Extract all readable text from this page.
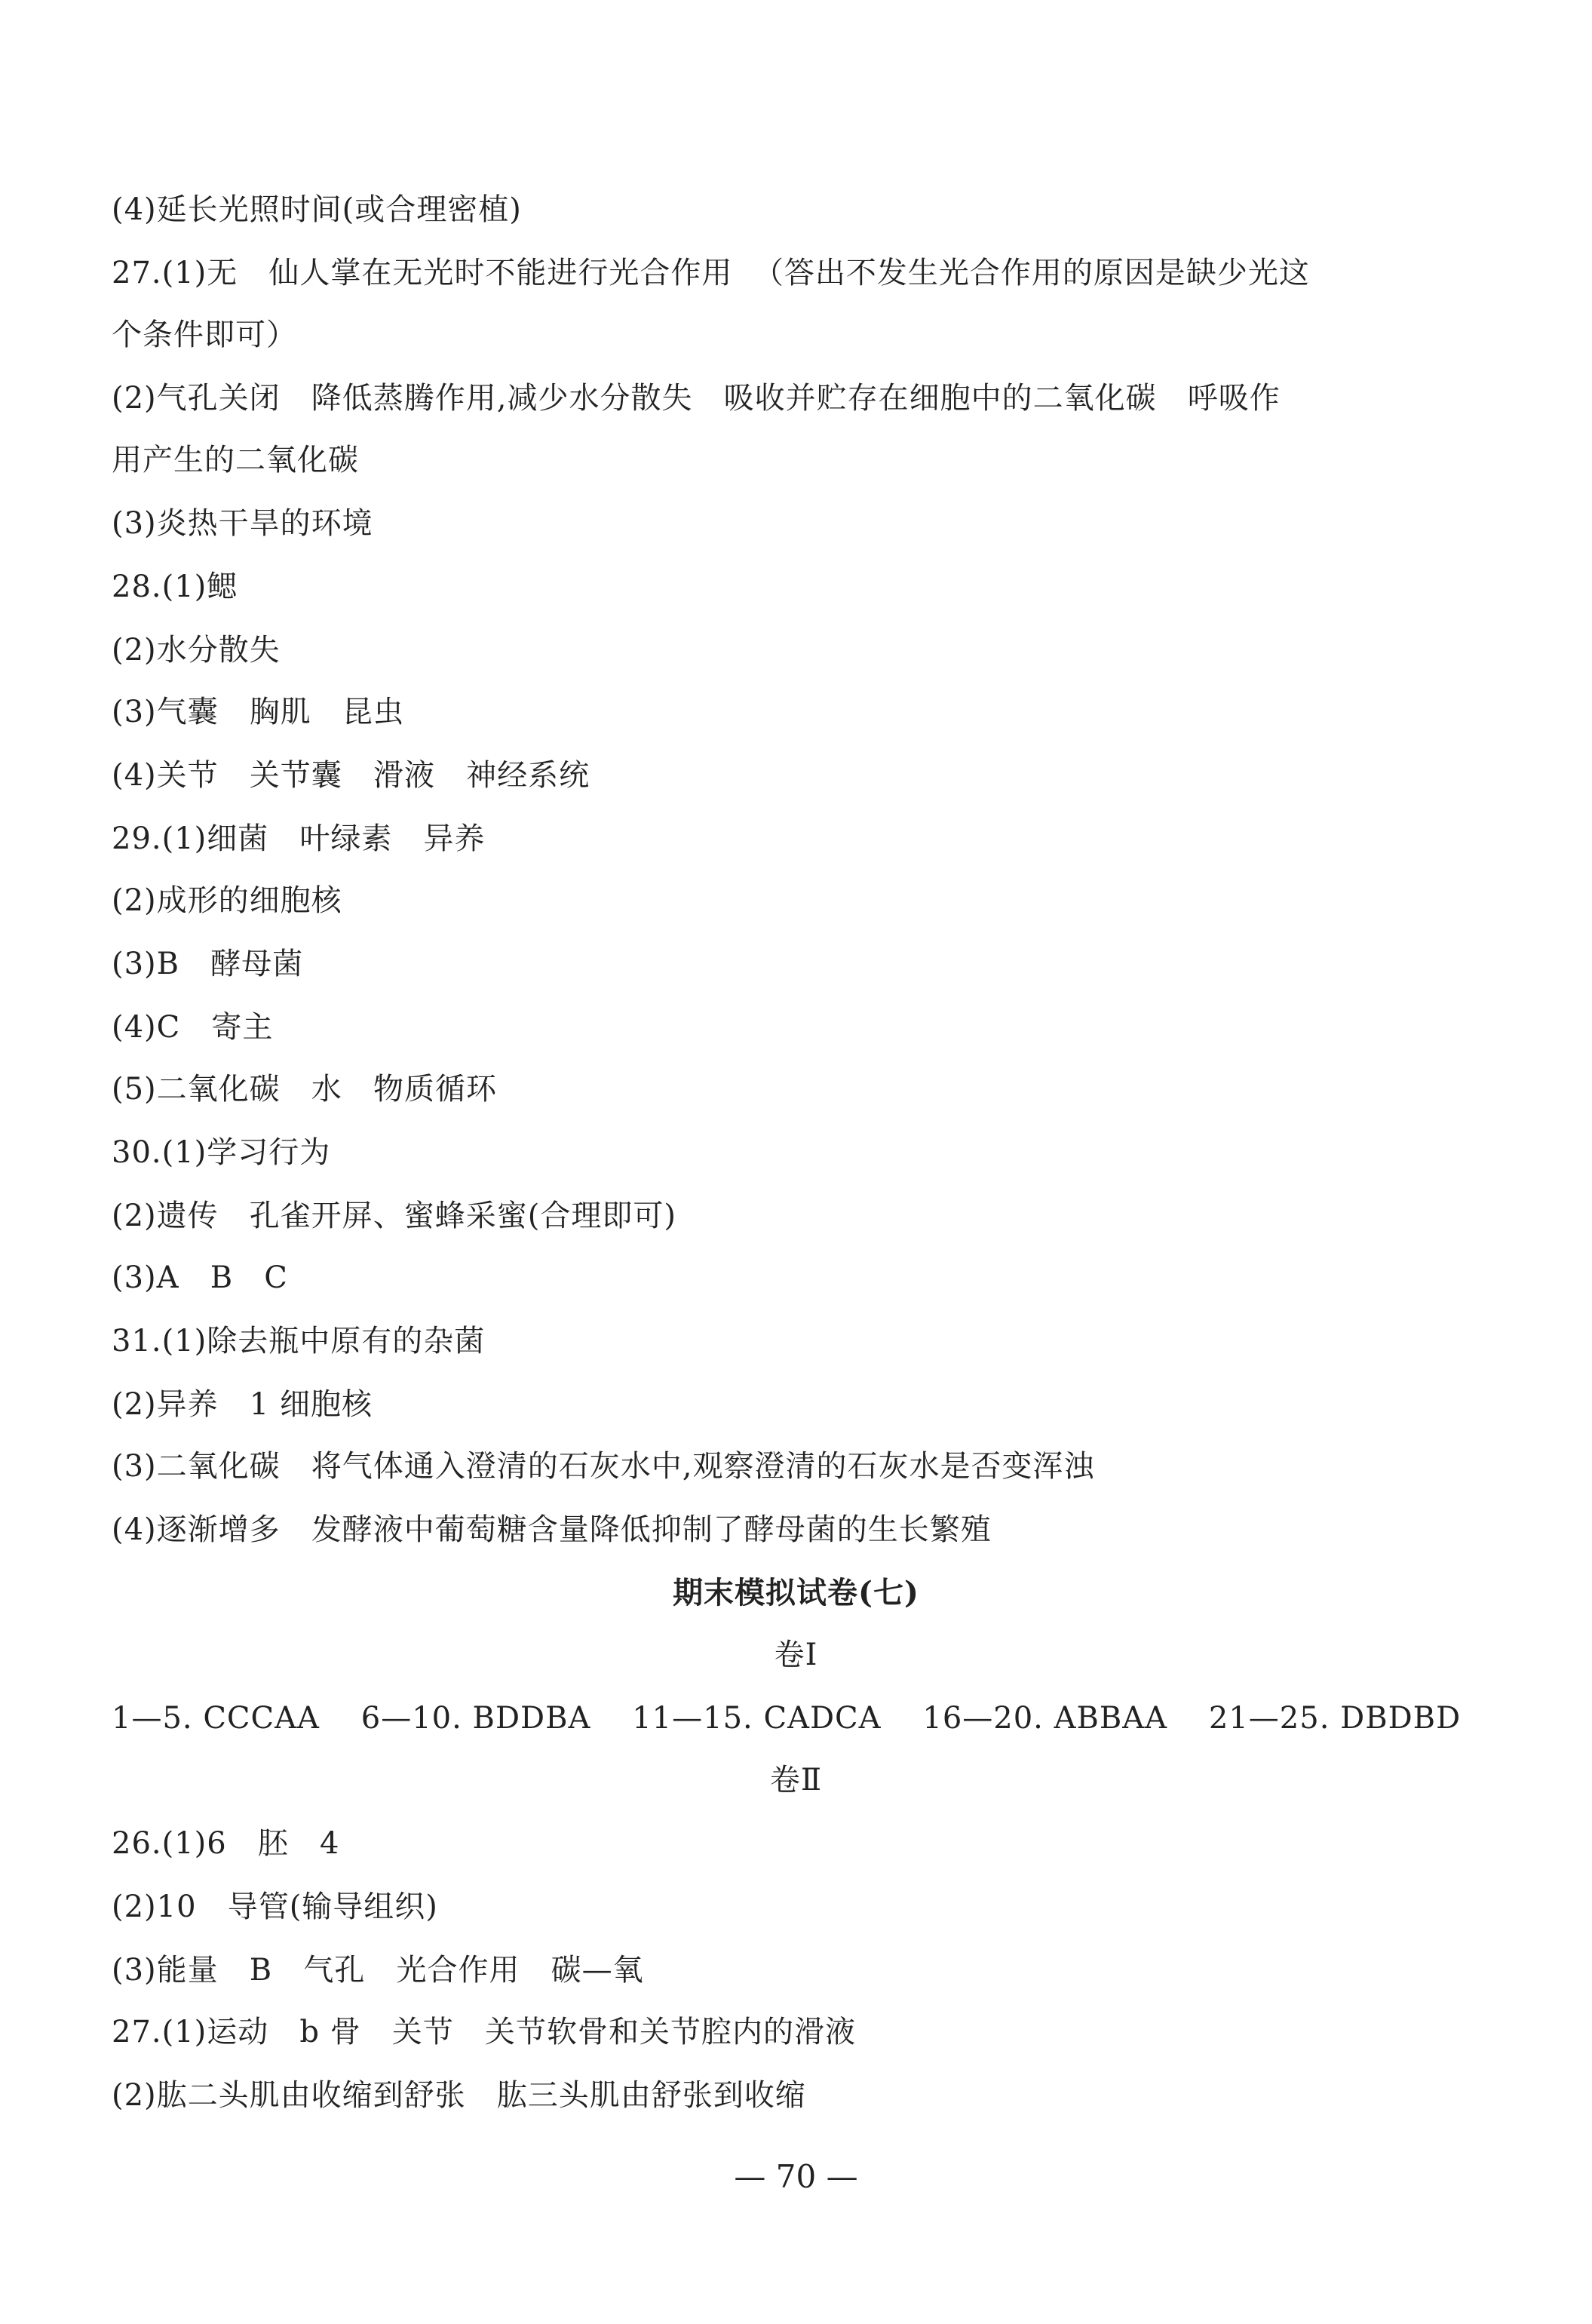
(4)延长光照时间(或合理密植)
27.(1)无   仙人掌在无光时不能进行光合作用  （答出不发生光合作用的原因是缺少光这
个条件即可）
(2)气孔关闭   降低蒸腾作用,减少水分散失   吸收并贮存在细胞中的二氧化碳   呼吸作
用产生的二氧化碳
(3)炎热干旱的环境
28.(1)鳃
(2)水分散失
(3)气囊   胸肌   昆虫
(4)关节   关节囊   滑液   神经系统
29.(1)细菌   叶绿素   异养
(2)成形的细胞核
(3)B   酵母菌
(4)C   寄主
(5)二氧化碳   水   物质循环
30.(1)学习行为
(2)遗传   孔雀开屏、蜜蜂采蜜(合理即可)
(3)A   B   C
31.(1)除去瓶中原有的杂菌
(2)异养   1 细胞核
(3)二氧化碳   将气体通入澄清的石灰水中,观察澄清的石灰水是否变浑浊
(4)逐渐增多   发酵液中葡萄糖含量降低抑制了酵母菌的生长繁殖
期末模拟试卷(七)
卷Ⅰ
1—5. CCCAA    6—10. BDDBA    11—15. CADCA    16—20. ABBAA    21—25. DBDBD
卷Ⅱ
26.(1)6   胚   4
(2)10   导管(输导组织)
(3)能量   B   气孔   光合作用   碳—氧
27.(1)运动   b 骨   关节   关节软骨和关节腔内的滑液
(2)肱二头肌由收缩到舒张   肱三头肌由舒张到收缩
— 70 —
